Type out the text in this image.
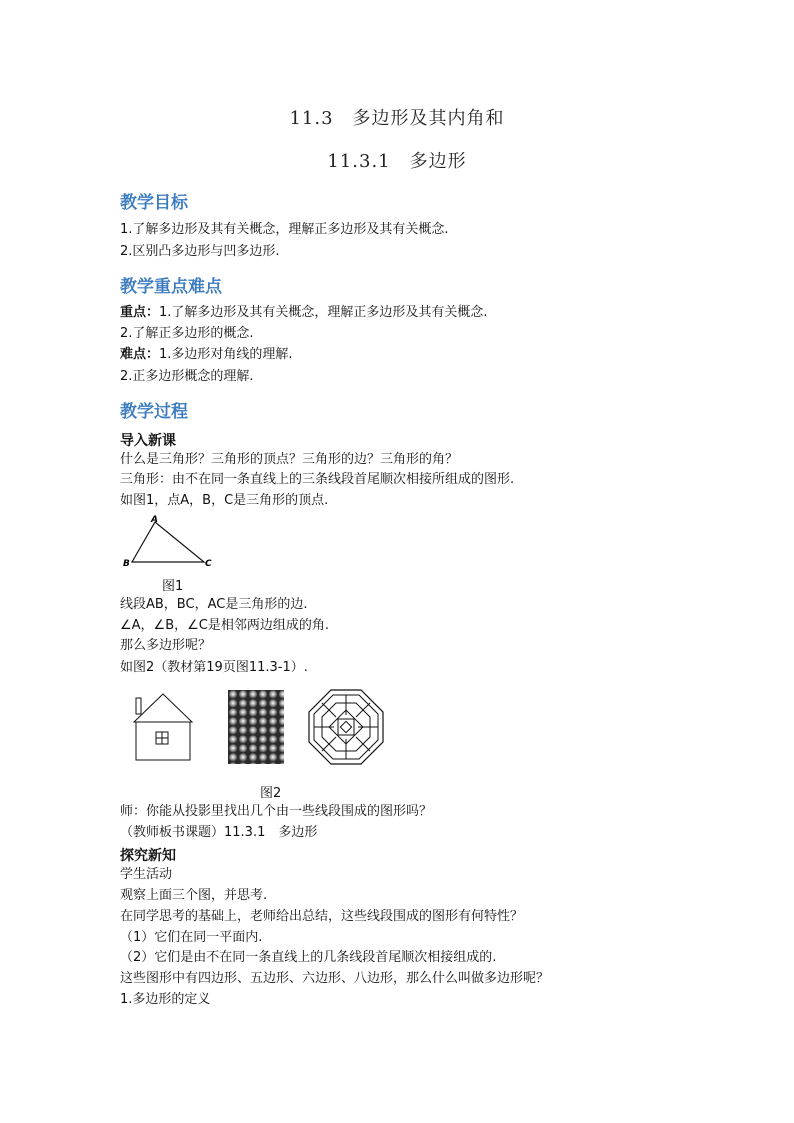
11.3　多边形及其内角和
11.3.1　多边形
教学目标
1.了解多边形及其有关概念，理解正多边形及其有关概念.
2.区别凸多边形与凹多边形.
教学重点难点
重点：1.了解多边形及其有关概念，理解正多边形及其有关概念.
2.了解正多边形的概念.
难点：1.多边形对角线的理解.
2.正多边形概念的理解.
教学过程
导入新课
什么是三角形？三角形的顶点？三角形的边？三角形的角？
三角形：由不在同一条直线上的三条线段首尾顺次相接所组成的图形.
如图1，点A，B，C是三角形的顶点.
A
B	C
图1
线段AB，BC，AC是三角形的边.
∠A，∠B，∠C是相邻两边组成的角.
那么多边形呢？
如图2（教材第19页图11.3-1）.
图2
师：你能从投影里找出几个由一些线段围成的图形吗？
（教师板书课题）11.3.1　多边形
探究新知
学生活动
观察上面三个图，并思考.
在同学思考的基础上，老师给出总结，这些线段围成的图形有何特性？
（1）它们在同一平面内.
（2）它们是由不在同一条直线上的几条线段首尾顺次相接组成的.
这些图形中有四边形、五边形、六边形、八边形，那么什么叫做多边形呢？
1.多边形的定义
